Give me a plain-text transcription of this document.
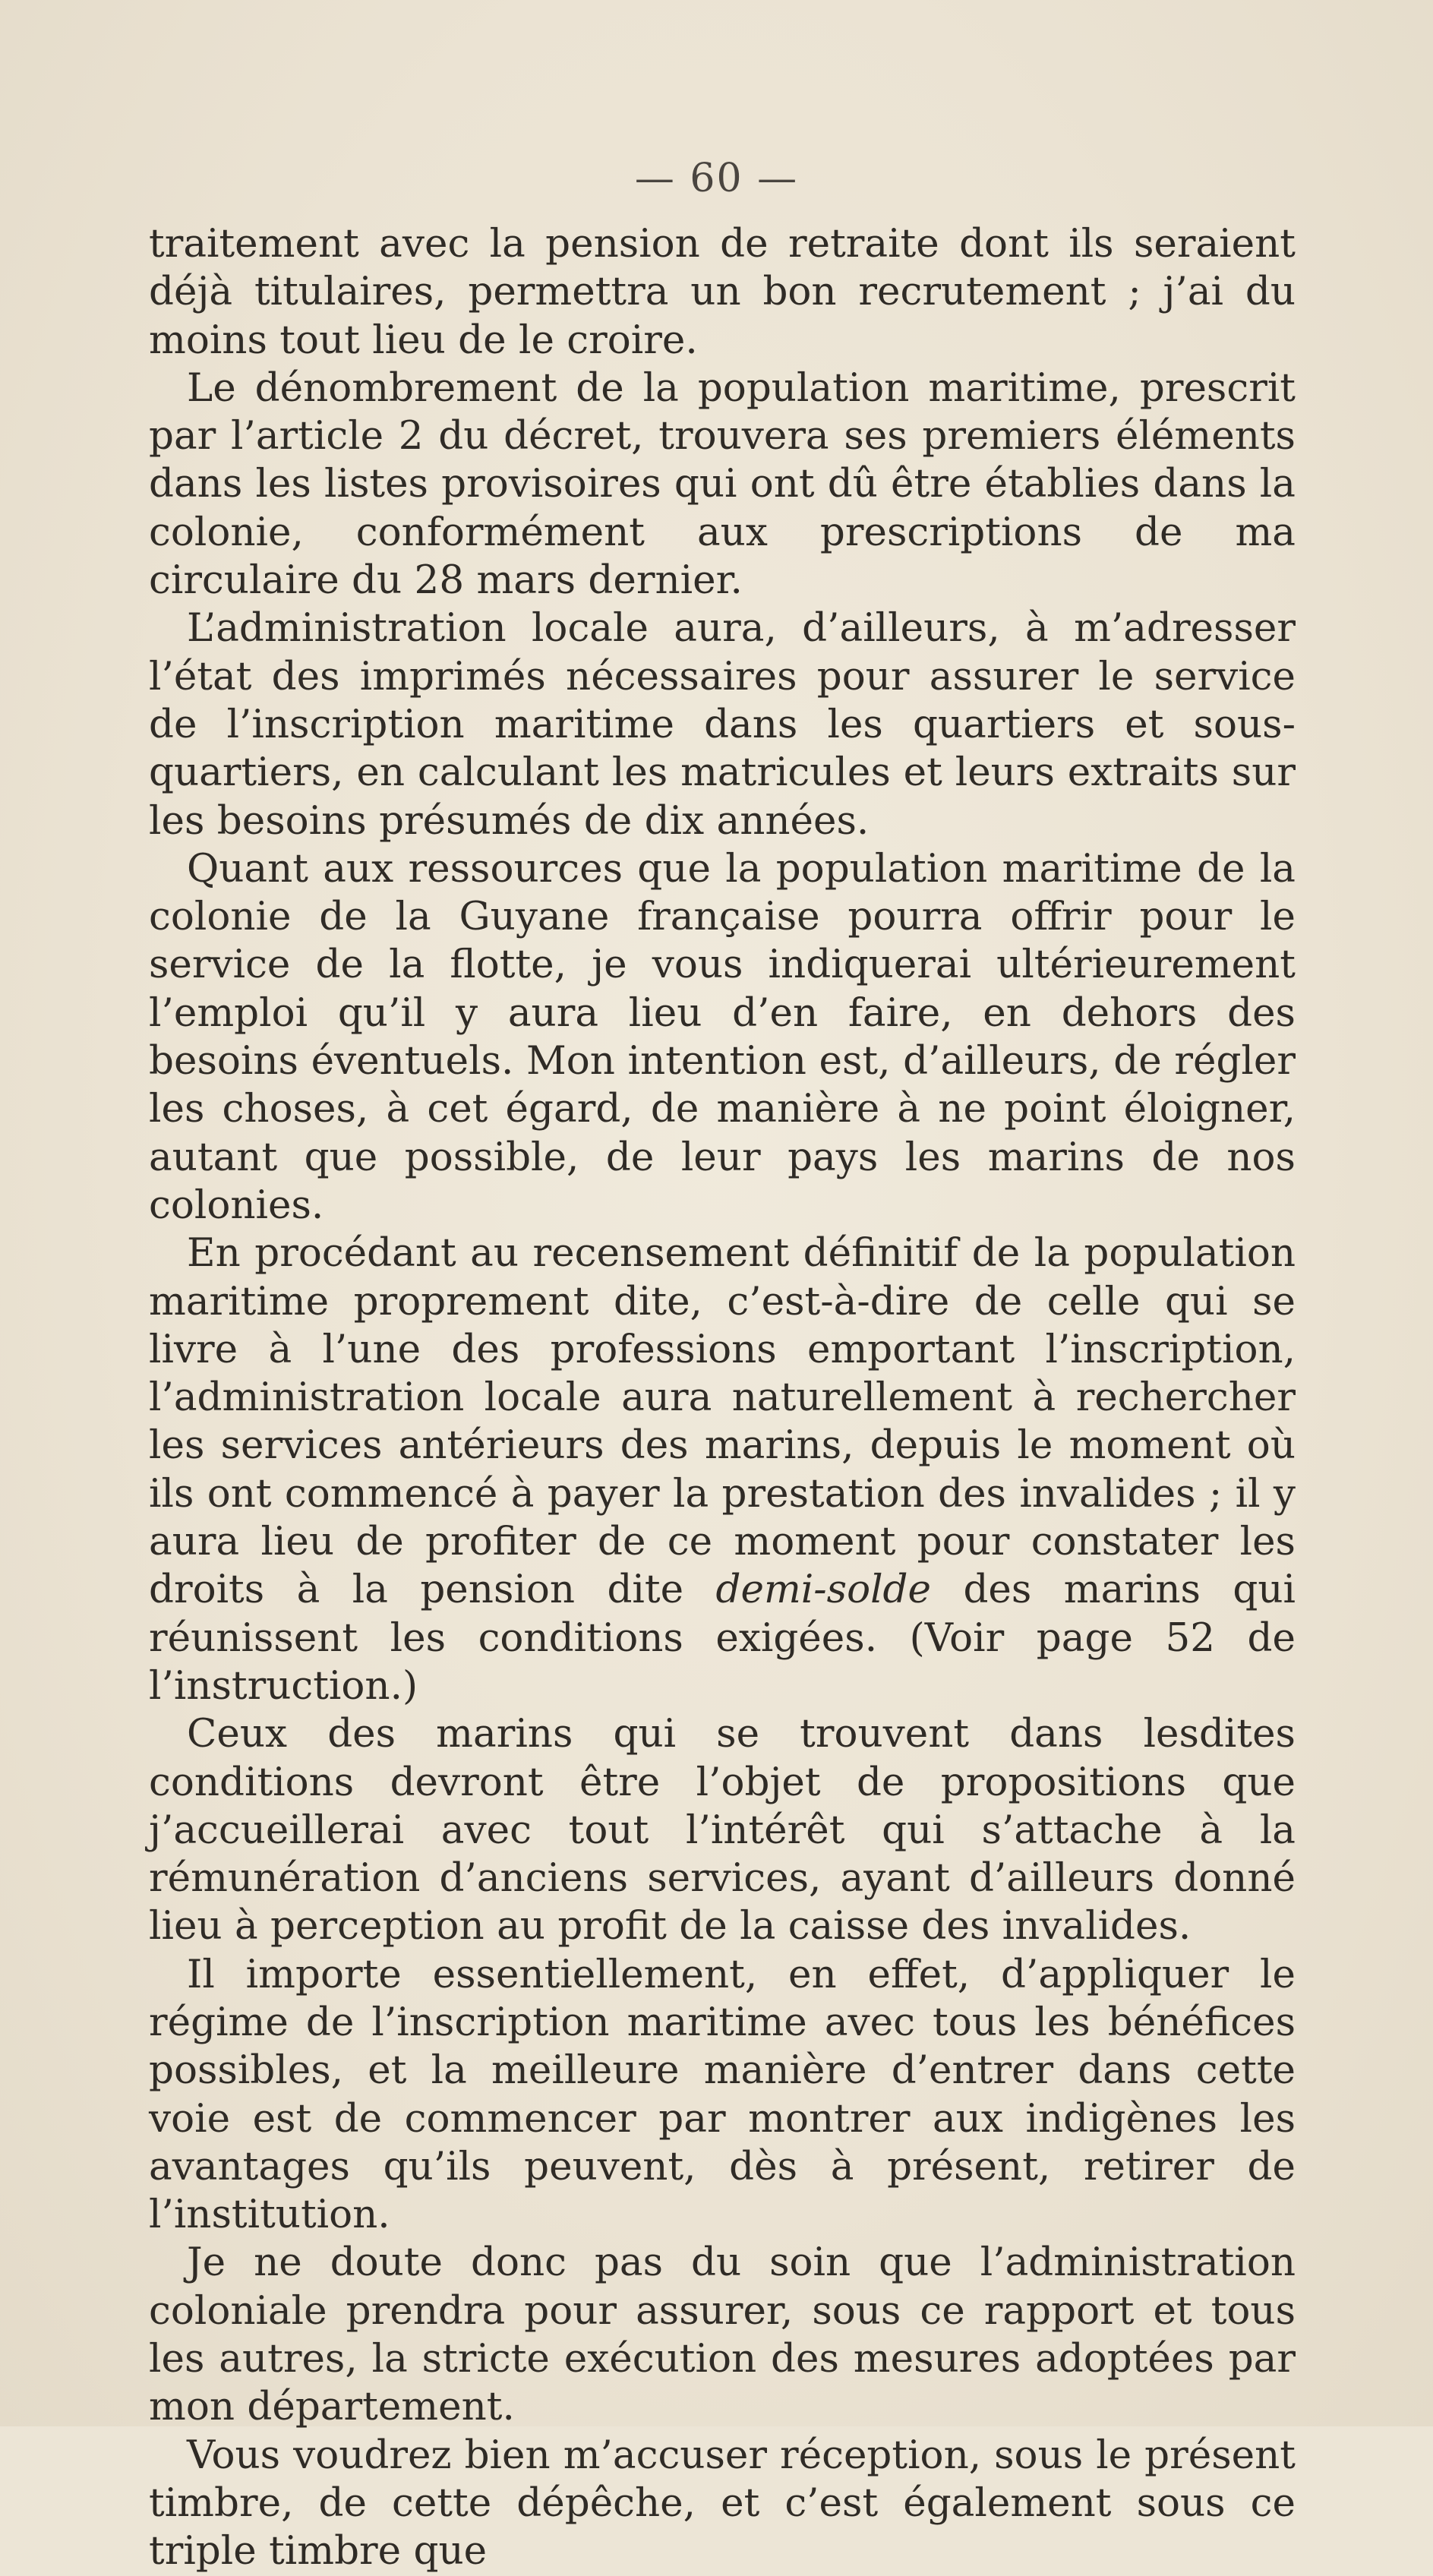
— 60 —

traitement avec la pension de retraite dont ils seraient déjà titulaires, permettra un bon recrutement ; j’ai du moins tout lieu de le croire.

Le dénombrement de la population maritime, prescrit par l’article 2 du décret, trouvera ses premiers éléments dans les listes provisoires qui ont dû être établies dans la colonie, conformément aux prescriptions de ma circulaire du 28 mars dernier.

L’administration locale aura, d’ailleurs, à m’adresser l’état des imprimés nécessaires pour assurer le service de l’inscription maritime dans les quartiers et sous-quartiers, en calculant les matricules et leurs extraits sur les besoins présumés de dix années.

Quant aux ressources que la population maritime de la colonie de la Guyane française pourra offrir pour le service de la flotte, je vous indiquerai ultérieurement l’emploi qu’il y aura lieu d’en faire, en dehors des besoins éventuels. Mon intention est, d’ailleurs, de régler les choses, à cet égard, de manière à ne point éloigner, autant que possible, de leur pays les marins de nos colonies.

En procédant au recensement définitif de la population maritime proprement dite, c’est-à-dire de celle qui se livre à l’une des professions emportant l’inscription, l’administration locale aura naturellement à rechercher les services antérieurs des marins, depuis le moment où ils ont commencé à payer la prestation des invalides ; il y aura lieu de profiter de ce moment pour constater les droits à la pension dite demi-solde des marins qui réunissent les conditions exigées. (Voir page 52 de l’instruction.)

Ceux des marins qui se trouvent dans lesdites conditions devront être l’objet de propositions que j’accueillerai avec tout l’intérêt qui s’attache à la rémunération d’anciens services, ayant d’ailleurs donné lieu à perception au profit de la caisse des invalides.

Il importe essentiellement, en effet, d’appliquer le régime de l’inscription maritime avec tous les bénéfices possibles, et la meilleure manière d’entrer dans cette voie est de commencer par montrer aux indigènes les avantages qu’ils peuvent, dès à présent, retirer de l’institution.

Je ne doute donc pas du soin que l’administration coloniale prendra pour assurer, sous ce rapport et tous les autres, la stricte exécution des mesures adoptées par mon département.

Vous voudrez bien m’accuser réception, sous le présent timbre, de cette dépêche, et c’est également sous ce triple timbre que
